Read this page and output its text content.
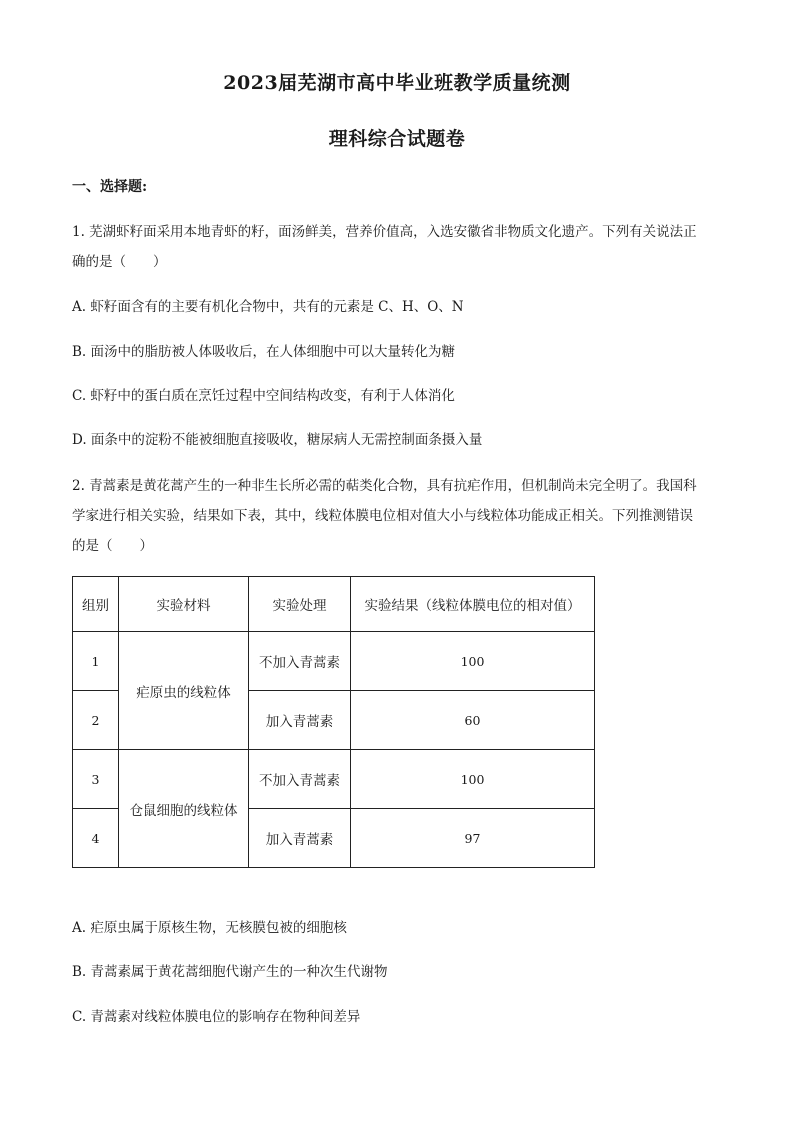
2023届芜湖市高中毕业班教学质量统测
理科综合试题卷
一、选择题:
1. 芜湖虾籽面采用本地青虾的籽，面汤鲜美，营养价值高，入选安徽省非物质文化遗产。下列有关说法正
确的是（　　）
A. 虾籽面含有的主要有机化合物中，共有的元素是 C、H、O、N
B. 面汤中的脂肪被人体吸收后，在人体细胞中可以大量转化为糖
C. 虾籽中的蛋白质在烹饪过程中空间结构改变，有利于人体消化
D. 面条中的淀粉不能被细胞直接吸收，糖尿病人无需控制面条摄入量
2. 青蒿素是黄花蒿产生的一种非生长所必需的萜类化合物，具有抗疟作用，但机制尚未完全明了。我国科
学家进行相关实验，结果如下表，其中，线粒体膜电位相对值大小与线粒体功能成正相关。下列推测错误
的是（　　）
组别	实验材料	实验处理	实验结果（线粒体膜电位的相对值）
1	疟原虫的线粒体	不加入青蒿素	100
2		加入青蒿素	60
3	仓鼠细胞的线粒体	不加入青蒿素	100
4		加入青蒿素	97
A. 疟原虫属于原核生物，无核膜包被的细胞核
B. 青蒿素属于黄花蒿细胞代谢产生的一种次生代谢物
C. 青蒿素对线粒体膜电位的影响存在物种间差异
